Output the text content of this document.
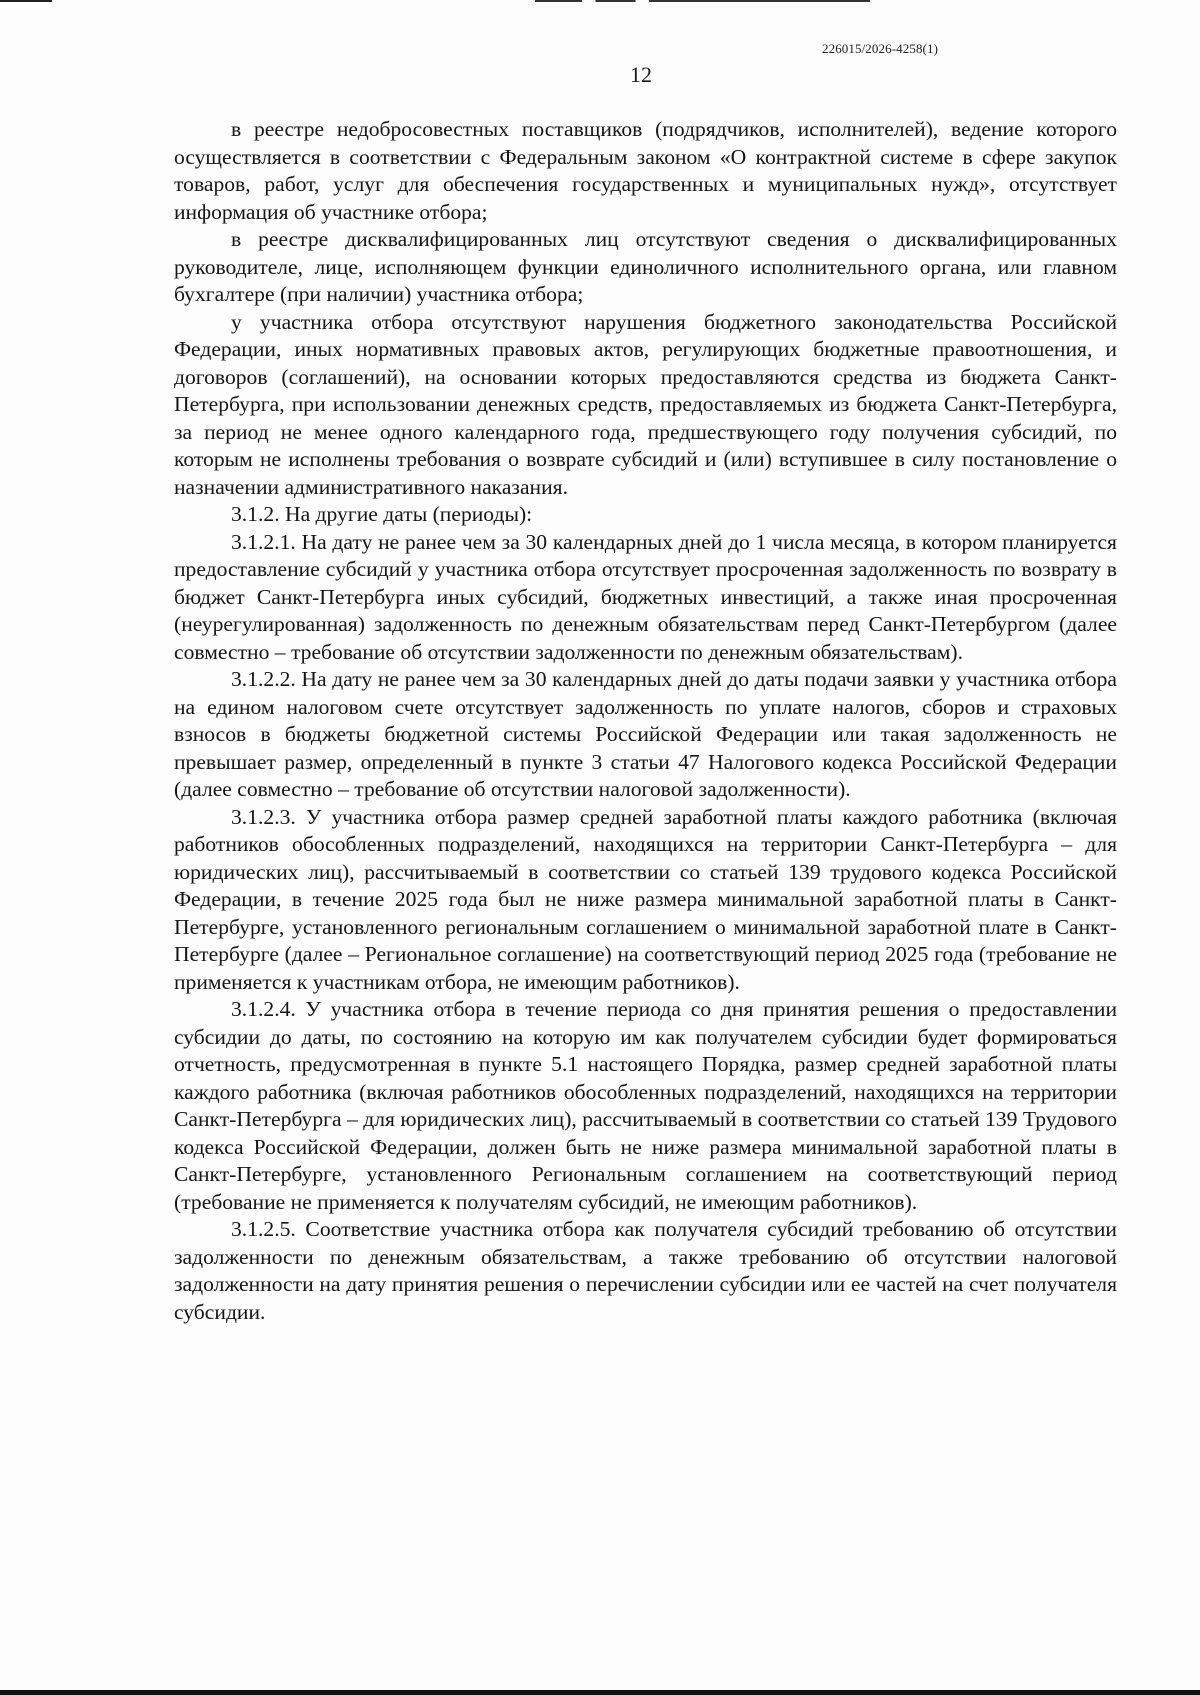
226015/2026-4258(1)
12

в реестре недобросовестных поставщиков (подрядчиков, исполнителей), ведение которого осуществляется в соответствии с Федеральным законом «О контрактной системе в сфере закупок товаров, работ, услуг для обеспечения государственных и муниципальных нужд», отсутствует информация об участнике отбора;

в реестре дисквалифицированных лиц отсутствуют сведения о дисквалифицированных руководителе, лице, исполняющем функции единоличного исполнительного органа, или главном бухгалтере (при наличии) участника отбора;

у участника отбора отсутствуют нарушения бюджетного законодательства Российской Федерации, иных нормативных правовых актов, регулирующих бюджетные правоотношения, и договоров (соглашений), на основании которых предоставляются средства из бюджета Санкт-Петербурга, при использовании денежных средств, предоставляемых из бюджета Санкт-Петербурга, за период не менее одного календарного года, предшествующего году получения субсидий, по которым не исполнены требования о возврате субсидий и (или) вступившее в силу постановление о назначении административного наказания.

3.1.2. На другие даты (периоды):

3.1.2.1. На дату не ранее чем за 30 календарных дней до 1 числа месяца, в котором планируется предоставление субсидий у участника отбора отсутствует просроченная задолженность по возврату в бюджет Санкт-Петербурга иных субсидий, бюджетных инвестиций, а также иная просроченная (неурегулированная) задолженность по денежным обязательствам перед Санкт-Петербургом (далее совместно – требование об отсутствии задолженности по денежным обязательствам).

3.1.2.2. На дату не ранее чем за 30 календарных дней до даты подачи заявки у участника отбора на едином налоговом счете отсутствует задолженность по уплате налогов, сборов и страховых взносов в бюджеты бюджетной системы Российской Федерации или такая задолженность не превышает размер, определенный в пункте 3 статьи 47 Налогового кодекса Российской Федерации (далее совместно – требование об отсутствии налоговой задолженности).

3.1.2.3. У участника отбора размер средней заработной платы каждого работника (включая работников обособленных подразделений, находящихся на территории Санкт-Петербурга – для юридических лиц), рассчитываемый в соответствии со статьей 139 трудового кодекса Российской Федерации, в течение 2025 года был не ниже размера минимальной заработной платы в Санкт-Петербурге, установленного региональным соглашением о минимальной заработной плате в Санкт-Петербурге (далее – Региональное соглашение) на соответствующий период 2025 года (требование не применяется к участникам отбора, не имеющим работников).

3.1.2.4. У участника отбора в течение периода со дня принятия решения о предоставлении субсидии до даты, по состоянию на которую им как получателем субсидии будет формироваться отчетность, предусмотренная в пункте 5.1 настоящего Порядка, размер средней заработной платы каждого работника (включая работников обособленных подразделений, находящихся на территории Санкт-Петербурга – для юридических лиц), рассчитываемый в соответствии со статьей 139 Трудового кодекса Российской Федерации, должен быть не ниже размера минимальной заработной платы в Санкт-Петербурге, установленного Региональным соглашением на соответствующий период (требование не применяется к получателям субсидий, не имеющим работников).

3.1.2.5. Соответствие участника отбора как получателя субсидий требованию об отсутствии задолженности по денежным обязательствам, а также требованию об отсутствии налоговой задолженности на дату принятия решения о перечислении субсидии или ее частей на счет получателя субсидии.
